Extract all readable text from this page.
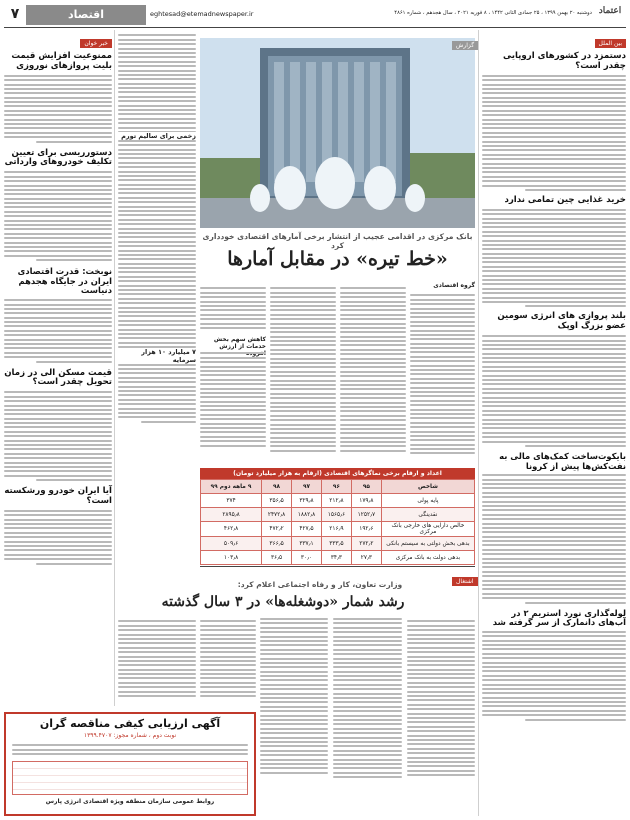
۷	اقتصاد	eghtesad@etemadnewspaper.ir	دوشنبه ۲۰ بهمن ۱۳۹۹ ، ۲۵ جمادی الثانی ۱۴۴۲ ، ۸ فوریه ۲۰۲۱ ، سال هجدهم ، شماره ۴۸۶۱ اعتماد
خبر خوان
ممنوعیت افزایش قیمت بلیت پروازهای نوروزی
دستورریسی برای تعیین تکلیف خودروهای وارداتی
نوبخت: قدرت اقتصادی ایران در جایگاه هجدهم دنیاست
قیمت مسکن الی در زمان تحویل چقدر است؟
آیا ایران خودرو ورشکسته است؟
زخمی برای سالیم تورم
۷ میلیارد ۱۰ هزار سرمایه
بانک مرکزی در اقدامی عجیب از انتشار برخی آمارهای اقتصادی خودداری کرد
«خط تیره» در مقابل آمارها
گزارش
گروه اقتصادی
کاهش سهم بخش خدمات از ارزش
اعداد و ارقام برخی نماگرهای اقتصادی (ارقام به هزار میلیارد تومان)
شاخص	۹۵	۹۶	۹۷	۹۸	۹ ماهه دوم ۹۹
پایه پولی	۱۷۹٫۸	۲۱۲٫۸	۳۲۹٫۸	۳۵۶٫۵	۳۷۴
نقدینگی	۱۲۵۲٫۷	۱۵۶۵٫۶	۱۸۸۲٫۸	۲۴۷۲٫۸	۲۸۹۵٫۸
خالص دارایی های خارجی بانک مرکزی	۱۹۲٫۶	۲۱۶٫۹	۴۲۷٫۵	۴۷۲٫۲	۴۶۲٫۸
بدهی بخش دولتی به سیستم بانکی	۲۷۲٫۲	۳۳۳٫۵	۳۳۷٫۱	۳۶۶٫۵	۵۰۹٫۶
بدهی دولت به بانک مرکزی	۲۷٫۳	۳۴٫۳	۳۰٫۰	۳۶٫۵	۱۰۳٫۸
اشتغال
وزارت تعاون، کار و رفاه اجتماعی اعلام کرد:
رشد شمار «دوشغله‌ها» در ۳ سال گذشته
آگهی ارزیابی کیفی مناقصه گران
نوبت دوم ، شماره مجوز: ۱۳۹۹.۴۷۰۷
روابط عمومی سازمان منطقه ویژه اقتصادی انرژی پارس
بین الملل
دستمزد در کشورهای اروپایی چقدر است؟
خرید غذایی چین تمامی ندارد
بلند پروازی های انرژی سومین عضو بزرگ اوپک
بایکوت‌ساخت کمک‌های مالی به نفت‌کش‌ها پیش از کرونا
لوله‌گذاری نورد استریم ۲ در آب‌های دانمارک از سر گرفته شد
